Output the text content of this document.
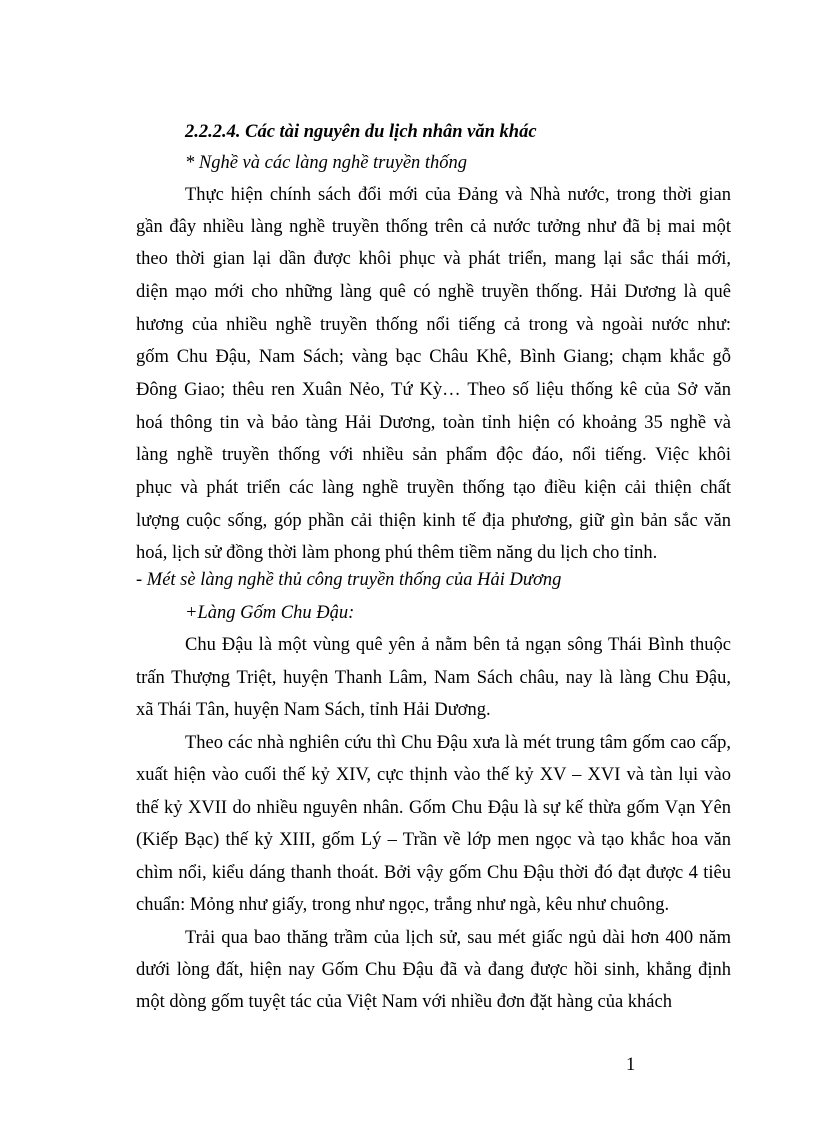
2.2.2.4. Các tài nguyên du lịch nhân văn khác
* Nghề và các làng nghề truyền thống
Thực hiện chính sách đổi mới của Đảng và Nhà nước, trong thời gian
gần đây nhiều làng nghề truyền thống trên cả nước tưởng như đã bị mai một
theo thời gian lại dần được khôi phục và phát triển, mang lại sắc thái mới,
diện mạo mới cho những làng quê có nghề truyền thống. Hải Dương là quê
hương của nhiều nghề truyền thống nổi tiếng cả trong và ngoài nước như:
gốm Chu Đậu, Nam Sách; vàng bạc Châu Khê, Bình Giang; chạm khắc gỗ
Đông Giao; thêu ren Xuân Nẻo, Tứ Kỳ… Theo số liệu thống kê của Sở văn
hoá thông tin và bảo tàng Hải Dương, toàn tỉnh hiện có khoảng 35 nghề và
làng nghề truyền thống với nhiều sản phẩm độc đáo, nổi tiếng. Việc khôi
phục và phát triển các làng nghề truyền thống tạo điều kiện cải thiện chất
lượng cuộc sống, góp phần cải thiện kinh tế địa phương, giữ gìn bản sắc văn
hoá, lịch sử đồng thời làm phong phú thêm tiềm năng du lịch cho tỉnh.
- Mét sè làng nghề thủ công truyền thống của Hải Dương
+Làng Gốm Chu Đậu:
Chu Đậu là một vùng quê yên ả nằm bên tả ngạn sông Thái Bình thuộc
trấn Thượng Triệt, huyện Thanh Lâm, Nam Sách châu, nay là làng Chu Đậu,
xã Thái Tân, huyện Nam Sách, tỉnh Hải Dương.
Theo các nhà nghiên cứu thì Chu Đậu xưa là mét trung tâm gốm cao cấp,
xuất hiện vào cuối thế kỷ XIV, cực thịnh vào thế kỷ XV – XVI và tàn lụi vào
thế kỷ XVII do nhiều nguyên nhân. Gốm Chu Đậu là sự kế thừa gốm Vạn Yên
(Kiếp Bạc) thế kỷ XIII, gốm Lý – Trần về lớp men ngọc và tạo khắc hoa văn
chìm nổi, kiểu dáng thanh thoát. Bởi vậy gốm Chu Đậu thời đó đạt được 4 tiêu
chuẩn: Mỏng như giấy, trong như ngọc, trắng như ngà, kêu như chuông.
Trải qua bao thăng trầm của lịch sử, sau mét giấc ngủ dài hơn 400 năm
dưới lòng đất, hiện nay Gốm Chu Đậu đã và đang được hồi sinh, khẳng định
một dòng gốm tuyệt tác của Việt Nam với nhiều đơn đặt hàng của khách
1
